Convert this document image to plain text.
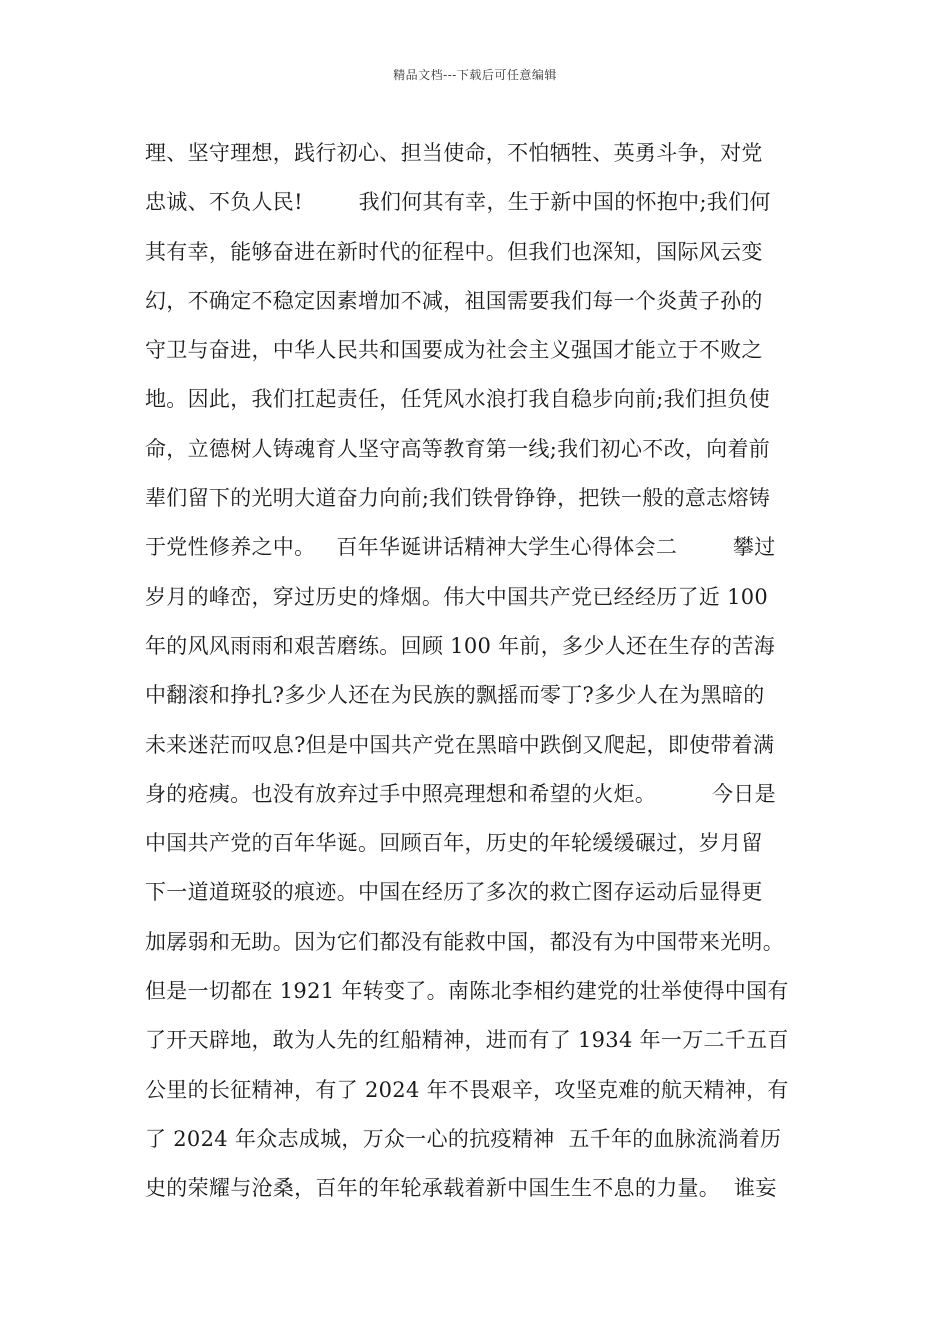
精品文档---下载后可任意编辑
理、坚守理想，践行初心、担当使命，不怕牺牲、英勇斗争，对党
忠诚、不负人民!        我们何其有幸，生于新中国的怀抱中;我们何
其有幸，能够奋进在新时代的征程中。但我们也深知，国际风云变
幻，不确定不稳定因素增加不减，祖国需要我们每一个炎黄子孙的
守卫与奋进，中华人民共和国要成为社会主义强国才能立于不败之
地。因此，我们扛起责任，任凭风水浪打我自稳步向前;我们担负使
命，立德树人铸魂育人坚守高等教育第一线;我们初心不改，向着前
辈们留下的光明大道奋力向前;我们铁骨铮铮，把铁一般的意志熔铸
于党性修养之中。   百年华诞讲话精神大学生心得体会二        攀过
岁月的峰峦，穿过历史的烽烟。伟大中国共产党已经经历了近 100
年的风风雨雨和艰苦磨练。回顾 100 年前，多少人还在生存的苦海
中翻滚和挣扎?多少人还在为民族的飘摇而零丁?多少人在为黑暗的
未来迷茫而叹息?但是中国共产党在黑暗中跌倒又爬起，即使带着满
身的疮痍。也没有放弃过手中照亮理想和希望的火炬。        今日是
中国共产党的百年华诞。回顾百年，历史的年轮缓缓碾过，岁月留
下一道道斑驳的痕迹。中国在经历了多次的救亡图存运动后显得更
加孱弱和无助。因为它们都没有能救中国，都没有为中国带来光明。
但是一切都在 1921 年转变了。南陈北李相约建党的壮举使得中国有
了开天辟地，敢为人先的红船精神，进而有了 1934 年一万二千五百
公里的长征精神，有了 2024 年不畏艰辛，攻坚克难的航天精神，有
了 2024 年众志成城，万众一心的抗疫精神  五千年的血脉流淌着历
史的荣耀与沧桑，百年的年轮承载着新中国生生不息的力量。  谁妄
